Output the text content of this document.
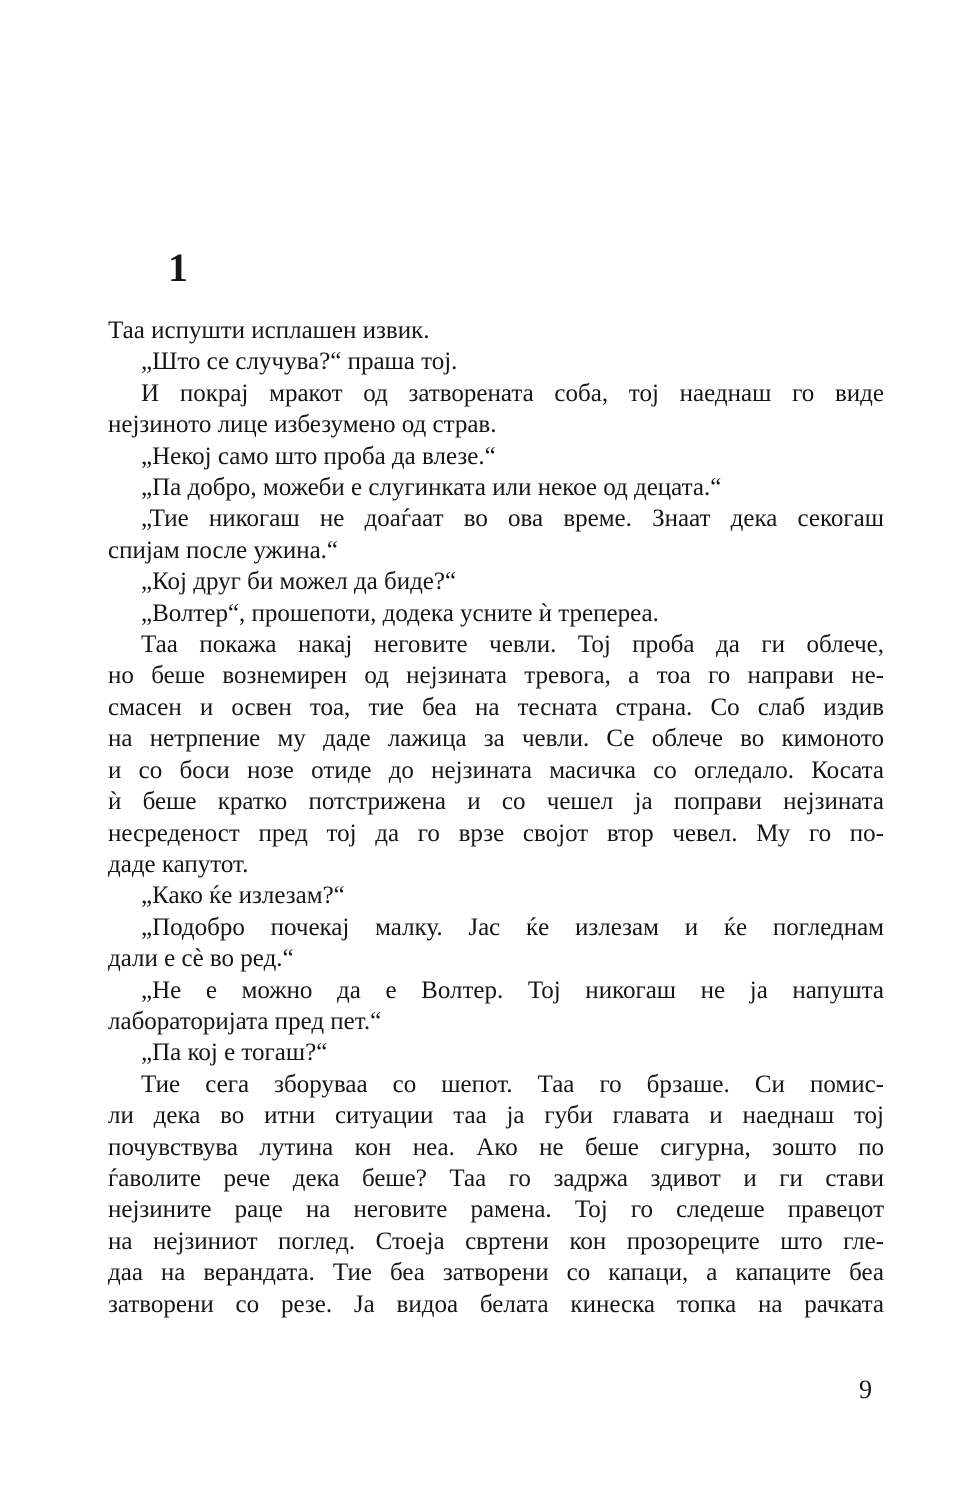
1
Таа испушти исплашен извик.
„Што се случува?“ праша тој.
И покрај мракот од затворената соба, тој наеднаш го виде
нејзиното лице избезумено од страв.
„Некој само што проба да влезе.“
„Па добро, можеби е слугинката или некое од децата.“
„Тие никогаш не доаѓаат во ова време. Знаат дека секогаш
спијам после ужина.“
„Кој друг би можел да биде?“
„Волтер“, прошепоти, додека усните ѝ трепереа.
Таа покажа накај неговите чевли. Тој проба да ги облече,
но беше вознемирен од нејзината тревога, а тоа го направи не-
смасен и освен тоа, тие беа на тесната страна. Со слаб издив
на нетрпение му даде лажица за чевли. Се облече во кимоното
и со боси нозе отиде до нејзината масичка со огледало. Косата
ѝ беше кратко потстрижена и со чешел ја поправи нејзината
несреденост пред тој да го врзе својот втор чевел. Му го по-
даде капутот.
„Како ќе излезам?“
„Подобро почекај малку. Јас ќе излезам и ќе погледнам
дали е сè во ред.“
„Не е можно да е Волтер. Тој никогаш не ја напушта
лабораторијата пред пет.“
„Па кој е тогаш?“
Тие сега зборуваа со шепот. Таа го брзаше. Си помис-
ли дека во итни ситуации таа ја губи главата и наеднаш тој
почувствува лутина кон неа. Ако не беше сигурна, зошто по
ѓаволите рече дека беше? Таа го задржа здивот и ги стави
нејзините раце на неговите рамена. Тој го следеше правецот
на нејзиниот поглед. Стоеја свртени кон прозорeците што гле-
даа на верандата. Тие беа затворени со капаци, а капаците беа
затворени со резе. Ја видоа белата кинеска топка на рачката
9
